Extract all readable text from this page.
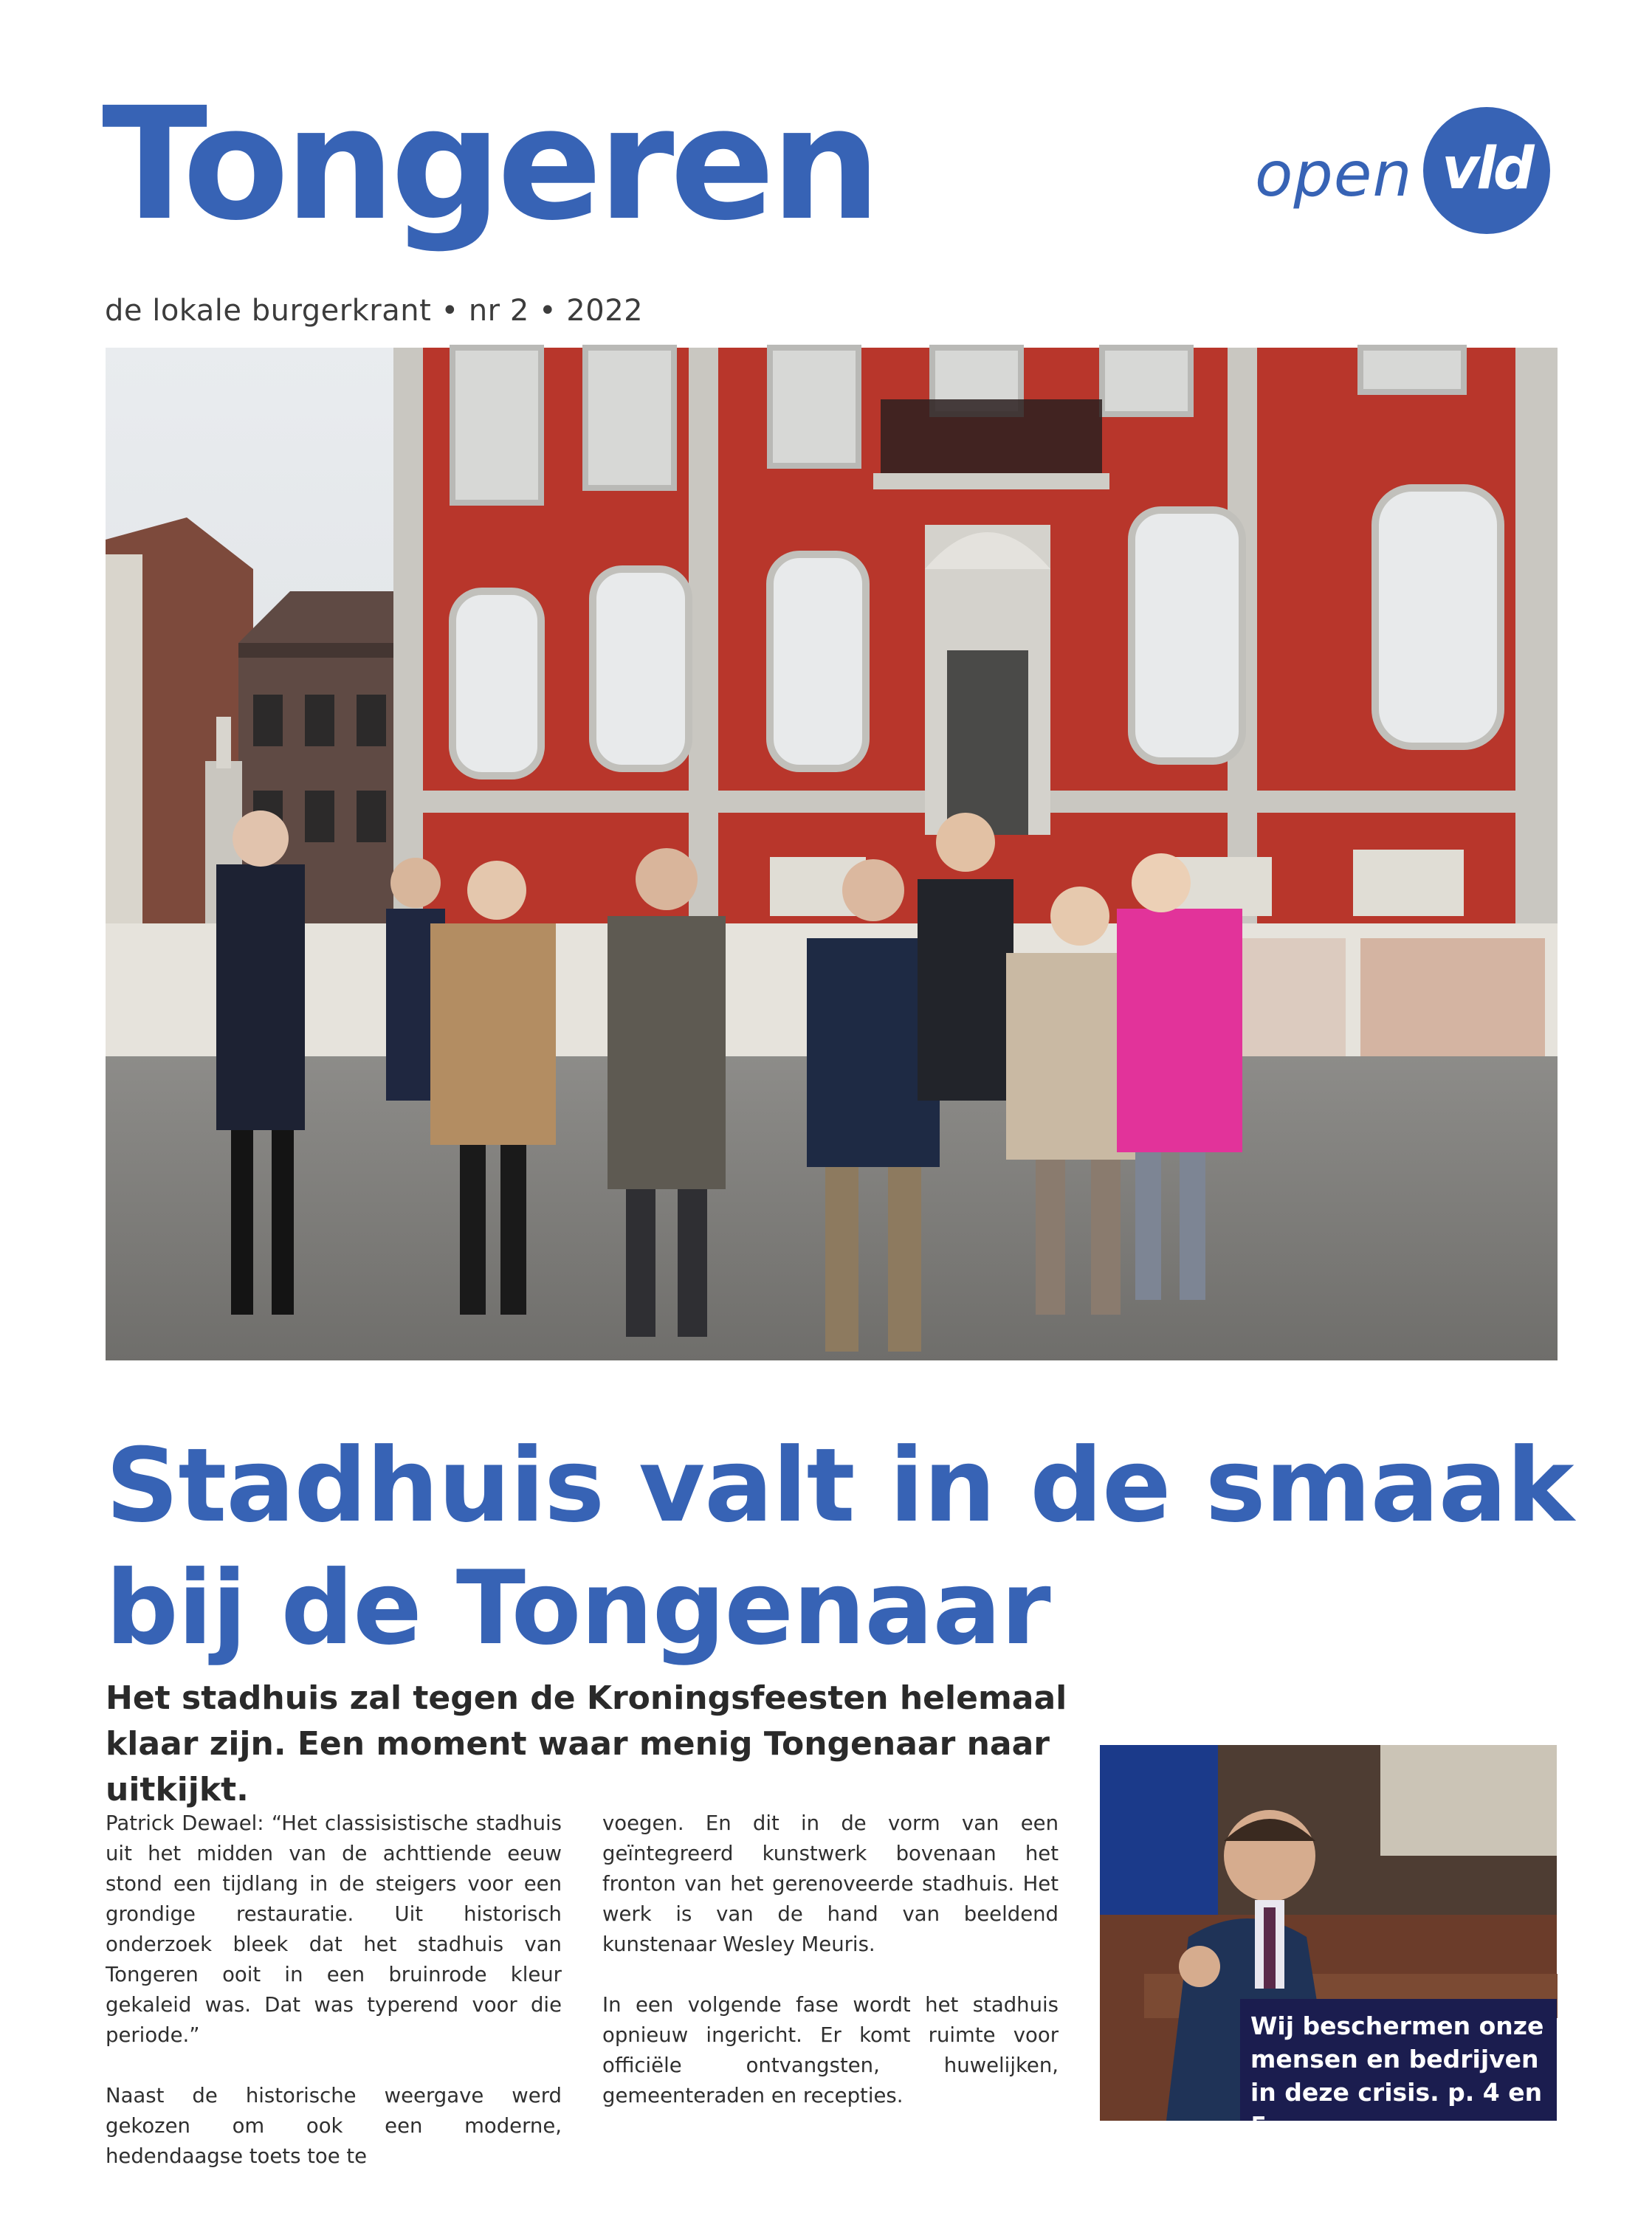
Tongeren
de lokale burgerkrant • nr 2 • 2022
open vld
Stadhuis valt in de smaak
bij de Tongenaar

Het stadhuis zal tegen de Kroningsfeesten helemaal klaar zijn. Een moment waar menig Tongenaar naar uitkijkt.

Patrick Dewael: “Het classisistische stadhuis uit het midden van de achttiende eeuw stond een tijdlang in de steigers voor een grondige restauratie. Uit historisch onderzoek bleek dat het stadhuis van Tongeren ooit in een bruinrode kleur gekaleid was. Dat was typerend voor die periode.”

Naast de historische weergave werd gekozen om ook een moderne, hedendaagse toets toe te

voegen. En dit in de vorm van een geïntegreerd kunstwerk bovenaan het fronton van het gerenoveerde stadhuis. Het werk is van de hand van beeldend kunstenaar Wesley Meuris.

In een volgende fase wordt het stadhuis opnieuw ingericht. Er komt ruimte voor officiële ontvangsten, huwelijken, gemeenteraden en recepties.

Wij beschermen onze
mensen en bedrijven
in deze crisis. p. 4 en 5
